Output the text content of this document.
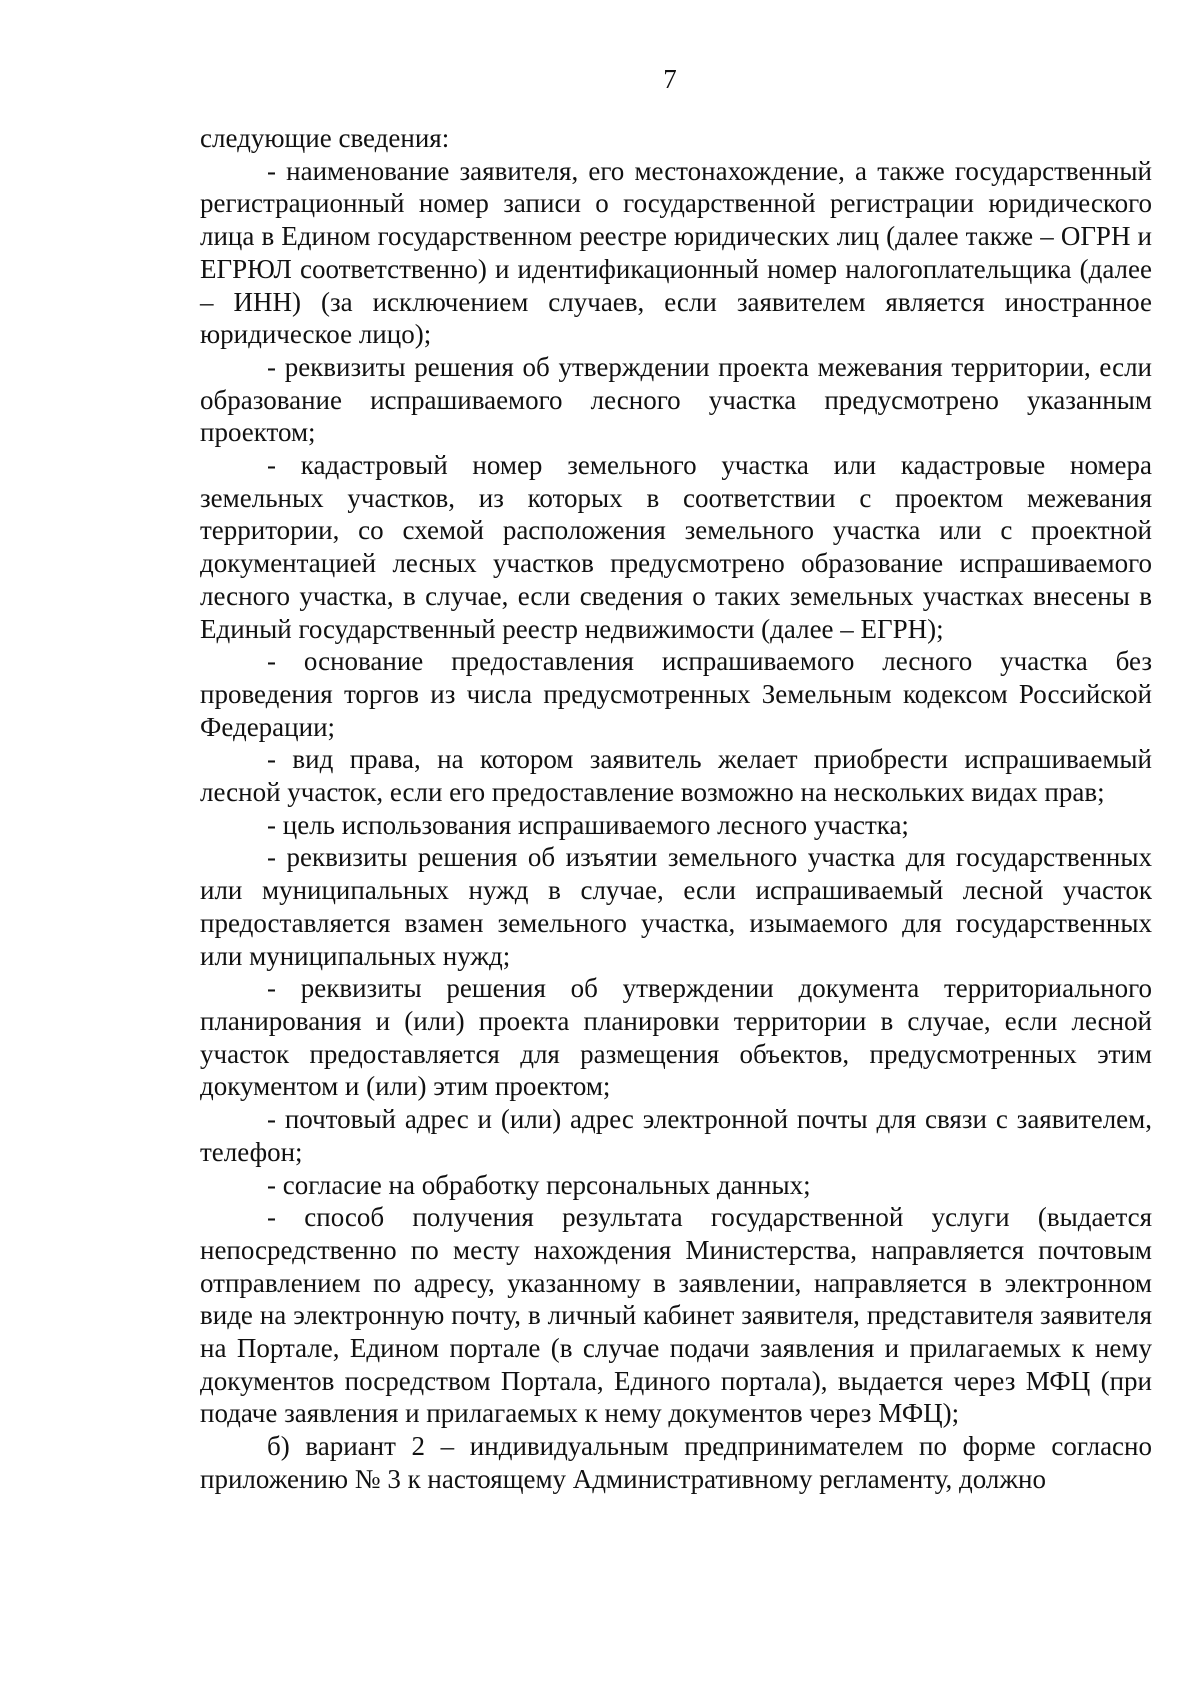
7

следующие сведения:

- наименование заявителя, его местонахождение, а также государственный регистрационный номер записи о государственной регистрации юридического лица в Едином государственном реестре юридических лиц (далее также – ОГРН и ЕГРЮЛ соответственно) и идентификационный номер налогоплательщика (далее – ИНН) (за исключением случаев, если заявителем является иностранное юридическое лицо);

- реквизиты решения об утверждении проекта межевания территории, если образование испрашиваемого лесного участка предусмотрено указанным проектом;

- кадастровый номер земельного участка или кадастровые номера земельных участков, из которых в соответствии с проектом межевания территории, со схемой расположения земельного участка или с проектной документацией лесных участков предусмотрено образование испрашиваемого лесного участка, в случае, если сведения о таких земельных участках внесены в Единый государственный реестр недвижимости (далее – ЕГРН);

- основание предоставления испрашиваемого лесного участка без проведения торгов из числа предусмотренных Земельным кодексом Российской Федерации;

- вид права, на котором заявитель желает приобрести испрашиваемый лесной участок, если его предоставление возможно на нескольких видах прав;

- цель использования испрашиваемого лесного участка;

- реквизиты решения об изъятии земельного участка для государственных или муниципальных нужд в случае, если испрашиваемый лесной участок предоставляется взамен земельного участка, изымаемого для государственных или муниципальных нужд;

- реквизиты решения об утверждении документа территориального планирования и (или) проекта планировки территории в случае, если лесной участок предоставляется для размещения объектов, предусмотренных этим документом и (или) этим проектом;

- почтовый адрес и (или) адрес электронной почты для связи с заявителем, телефон;

- согласие на обработку персональных данных;

- способ получения результата государственной услуги (выдается непосредственно по месту нахождения Министерства, направляется почтовым отправлением по адресу, указанному в заявлении, направляется в электронном виде на электронную почту, в личный кабинет заявителя, представителя заявителя на Портале, Едином портале (в случае подачи заявления и прилагаемых к нему документов посредством Портала, Единого портала), выдается через МФЦ (при подаче заявления и прилагаемых к нему документов через МФЦ);

б) вариант 2 – индивидуальным предпринимателем по форме согласно приложению № 3 к настоящему Административному регламенту, должно
